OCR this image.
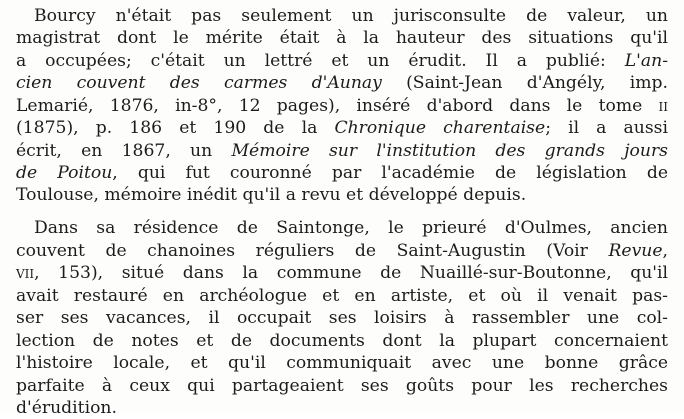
Bourcy n'était pas seulement un jurisconsulte de valeur, un
magistrat dont le mérite était à la hauteur des situations qu'il
a occupées; c'était un lettré et un érudit. Il a publié: L'an-
cien couvent des carmes d'Aunay (Saint-Jean d'Angély, imp.
Lemarié, 1876, in-8°, 12 pages), inséré d'abord dans le tome ii
(1875), p. 186 et 190 de la Chronique charentaise; il a aussi
écrit, en 1867, un Mémoire sur l'institution des grands jours
de Poitou, qui fut couronné par l'académie de législation de
Toulouse, mémoire inédit qu'il a revu et développé depuis.
Dans sa résidence de Saintonge, le prieuré d'Oulmes, ancien
couvent de chanoines réguliers de Saint-Augustin (Voir Revue,
vii, 153), situé dans la commune de Nuaillé-sur-Boutonne, qu'il
avait restauré en archéologue et en artiste, et où il venait pas-
ser ses vacances, il occupait ses loisirs à rassembler une col-
lection de notes et de documents dont la plupart concernaient
l'histoire locale, et qu'il communiquait avec une bonne grâce
parfaite à ceux qui partageaient ses goûts pour les recherches
d'érudition.
